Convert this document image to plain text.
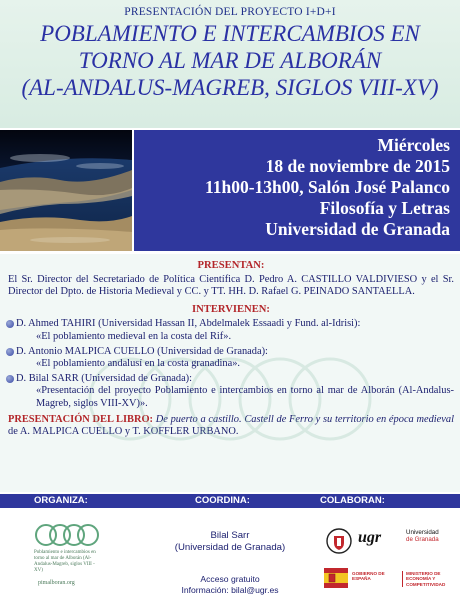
PRESENTACIÓN DEL PROYECTO I+D+I
POBLAMIENTO E INTERCAMBIOS EN
TORNO AL MAR DE ALBORÁN
(AL-ANDALUS-MAGREB, SIGLOS VIII-XV)
Miércoles
18 de noviembre de 2015
11h00-13h00, Salón José Palanco
Filosofía y Letras
Universidad de Granada
PRESENTAN:

El Sr. Director del Secretariado de Política Científica D. Pedro A. CASTILLO VALDIVIESO y el Sr. Director del Dpto. de Historia Medieval y CC. y TT. HH. D. Rafael G. PEINADO SANTAELLA.

INTERVIENEN:

D. Ahmed TAHIRI (Universidad Hassan II, Abdelmalek Essaadi y Fund. al-Idrisi):

«El poblamiento medieval en la costa del Rif».

D. Antonio MALPICA CUELLO (Universidad de Granada):

«El poblamiento andalusí en la costa granadina».

D. Bilal SARR (Universidad de Granada):

«Presentación del proyecto Poblamiento e intercambios en torno al mar de Alborán (Al-Andalus-Magreb, siglos VIII-XV)».

PRESENTACIÓN DEL LIBRO: De puerto a castillo. Castell de Ferro y su territorio en época medieval de A. MALPICA CUELLO y T. KOFFLER URBANO.

ORGANIZA:	COORDINA:	COLABORAN:
Poblamiento e intercambios en torno al mar de Alborán (Al-Andalus-Magreb, siglos VIII - XV)
pimalboran.org
Bilal Sarr
(Universidad de Granada)
Acceso gratuito
Información: bilal@ugr.es
ugr	Universidad
de Granada
GOBIERNO DE ESPAÑA
MINISTERIO DE ECONOMÍA Y COMPETITIVIDAD
